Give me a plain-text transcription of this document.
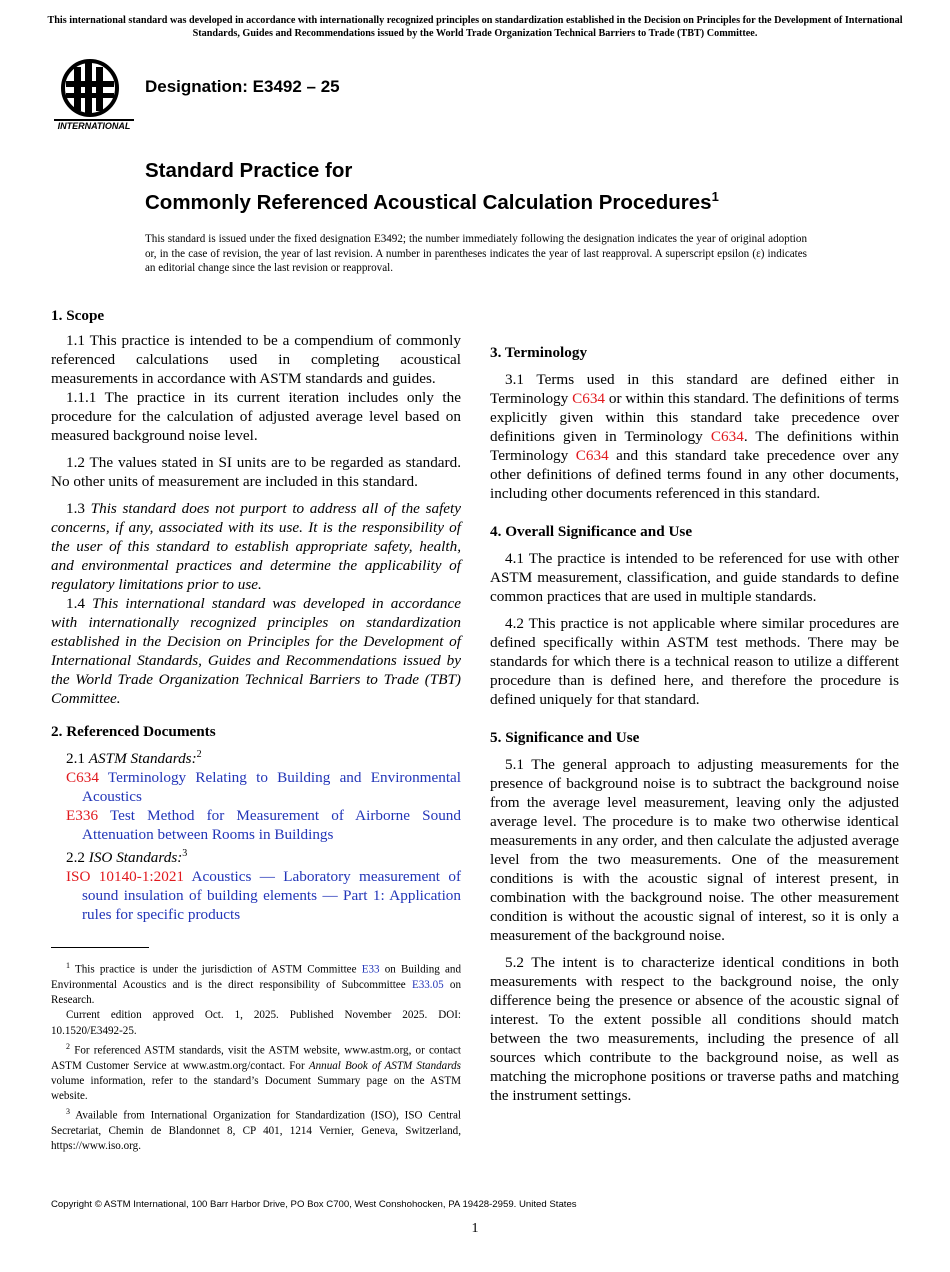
This international standard was developed in accordance with internationally recognized principles on standardization established in the Decision on Principles for the Development of International Standards, Guides and Recommendations issued by the World Trade Organization Technical Barriers to Trade (TBT) Committee.
INTERNATIONAL
Designation: E3492 – 25
Standard Practice for
Commonly Referenced Acoustical Calculation Procedures$^1$
This standard is issued under the fixed designation E3492; the number immediately following the designation indicates the year of original adoption or, in the case of revision, the year of last revision. A number in parentheses indicates the year of last reapproval. A superscript epsilon (ε) indicates an editorial change since the last revision or reapproval.
1. Scope

1.1 This practice is intended to be a compendium of commonly referenced calculations used in completing acoustical measurements in accordance with ASTM standards and guides.

1.1.1 The practice in its current iteration includes only the procedure for the calculation of adjusted average level based on measured background noise level.

1.2 The values stated in SI units are to be regarded as standard. No other units of measurement are included in this standard.

1.3 This standard does not purport to address all of the safety concerns, if any, associated with its use. It is the responsibility of the user of this standard to establish appropriate safety, health, and environmental practices and determine the applicability of regulatory limitations prior to use.

1.4 This international standard was developed in accordance with internationally recognized principles on standardization established in the Decision on Principles for the Development of International Standards, Guides and Recommendations issued by the World Trade Organization Technical Barriers to Trade (TBT) Committee.

2. Referenced Documents

2.1 ASTM Standards:$^2$

C634 Terminology Relating to Building and Environmental Acoustics

E336 Test Method for Measurement of Airborne Sound Attenuation between Rooms in Buildings

2.2 ISO Standards:$^3$

ISO 10140-1:2021 Acoustics — Laboratory measurement of sound insulation of building elements — Part 1: Application rules for specific products

$^1$ This practice is under the jurisdiction of ASTM Committee E33 on Building and Environmental Acoustics and is the direct responsibility of Subcommittee E33.05 on Research.

Current edition approved Oct. 1, 2025. Published November 2025. DOI: 10.1520/E3492-25.

$^2$ For referenced ASTM standards, visit the ASTM website, www.astm.org, or contact ASTM Customer Service at www.astm.org/contact. For Annual Book of ASTM Standards volume information, refer to the standard’s Document Summary page on the ASTM website.

$^3$ Available from International Organization for Standardization (ISO), ISO Central Secretariat, Chemin de Blandonnet 8, CP 401, 1214 Vernier, Geneva, Switzerland, https://www.iso.org.

3. Terminology

3.1 Terms used in this standard are defined either in Terminology C634 or within this standard. The definitions of terms explicitly given within this standard take precedence over definitions given in Terminology C634. The definitions within Terminology C634 and this standard take precedence over any other definitions of defined terms found in any other documents, including other documents referenced in this standard.

4. Overall Significance and Use

4.1 The practice is intended to be referenced for use with other ASTM measurement, classification, and guide standards to define common practices that are used in multiple standards.

4.2 This practice is not applicable where similar procedures are defined specifically within ASTM test methods. There may be standards for which there is a technical reason to utilize a different procedure than is defined here, and therefore the procedure is defined uniquely for that standard.

5. Significance and Use

5.1 The general approach to adjusting measurements for the presence of background noise is to subtract the background noise from the average level measurement, leaving only the adjusted average level. The procedure is to make two otherwise identical measurements in any order, and then calculate the adjusted average level from the two measurements. One of the measurement conditions is with the acoustic signal of interest present, in combination with the background noise. The other measurement condition is without the acoustic signal of interest, so it is only a measurement of the background noise.

5.2 The intent is to characterize identical conditions in both measurements with respect to the background noise, the only difference being the presence or absence of the acoustic signal of interest. To the extent possible all conditions should match between the two measurements, including the presence of all sources which contribute to the background noise, as well as matching the microphone positions or traverse paths and matching the instrument settings.

Copyright © ASTM International, 100 Barr Harbor Drive, PO Box C700, West Conshohocken, PA 19428-2959. United States
1
